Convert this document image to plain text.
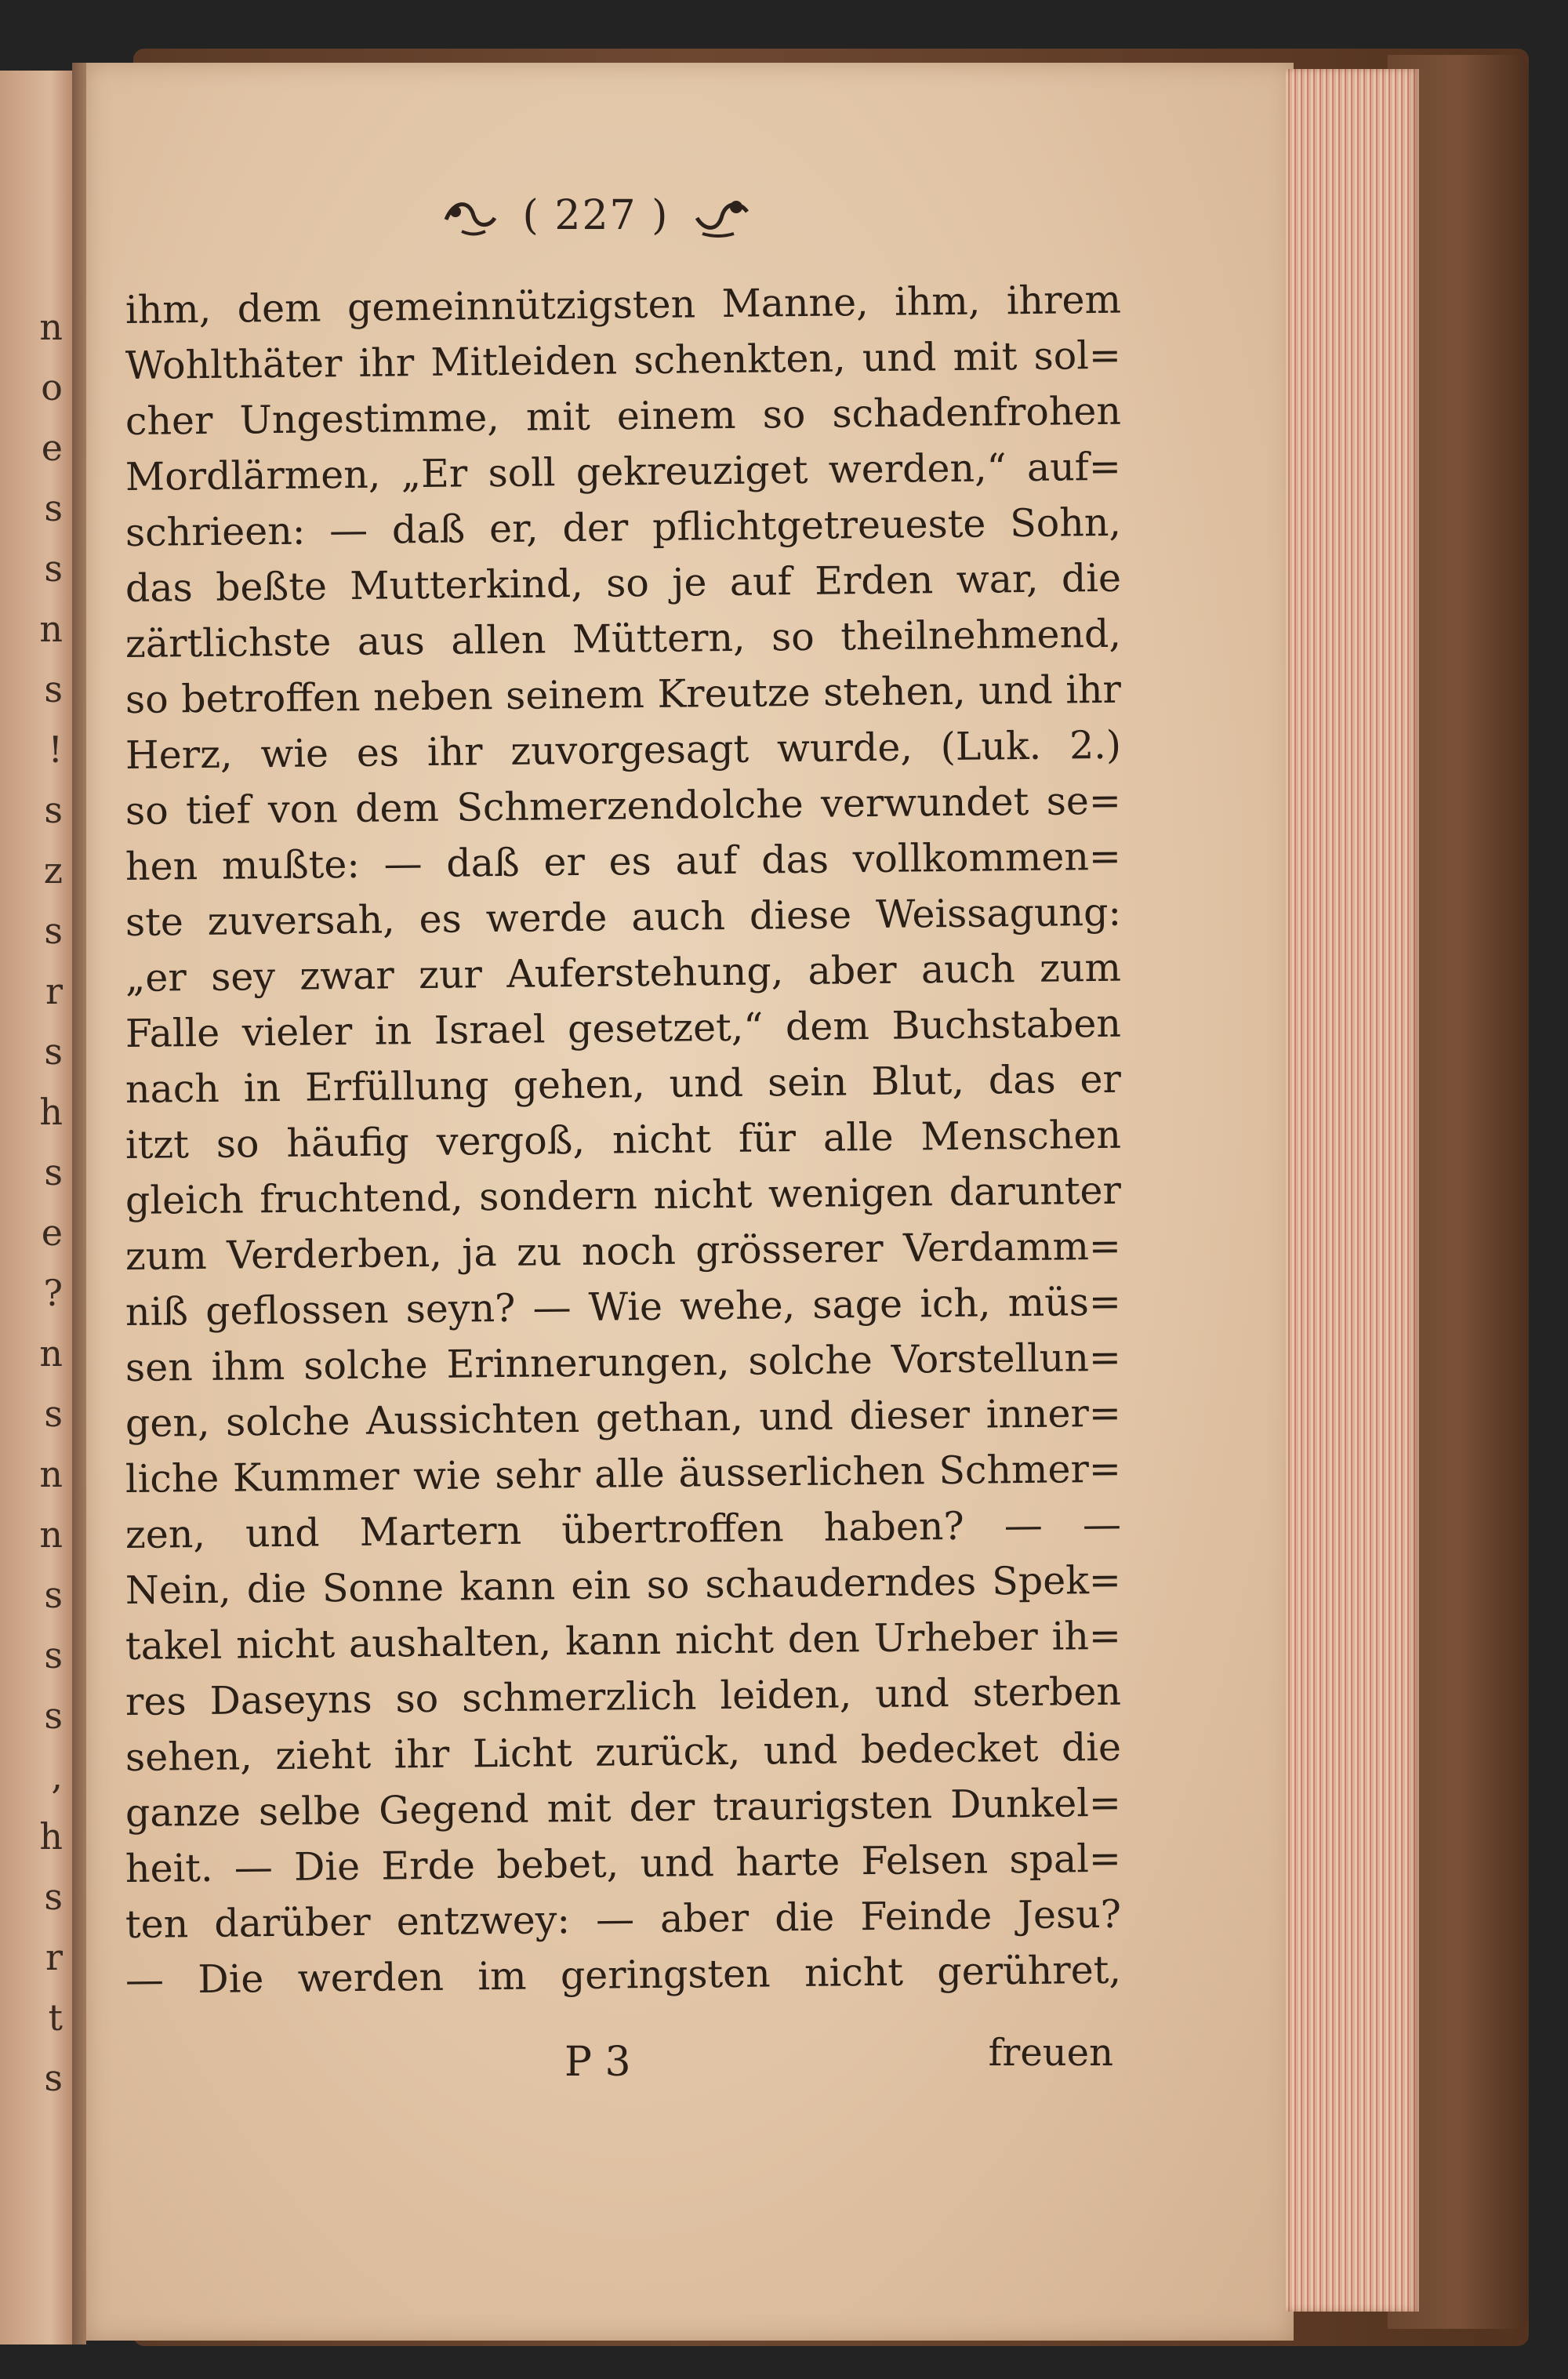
n
o
e
s
s
n
s
!
s
z
s
r
s
h
s
e
?
n
s
n
n
s
s
s
,
h
s
r
t
s
( 227 )
ihm, dem gemeinnützigsten Manne, ihm, ihrem
Wohlthäter ihr Mitleiden schenkten, und mit sol=
cher Ungestimme, mit einem so schadenfrohen
Mordlärmen, „Er soll gekreuziget werden,“ auf=
schrieen: — daß er, der pflichtgetreueste Sohn,
das beßte Mutterkind, so je auf Erden war, die
zärtlichste aus allen Müttern, so theilnehmend,
so betroffen neben seinem Kreutze stehen, und ihr
Herz, wie es ihr zuvorgesagt wurde, (Luk. 2.)
so tief von dem Schmerzendolche verwundet se=
hen mußte: — daß er es auf das vollkommen=
ste zuversah, es werde auch diese Weissagung:
„er sey zwar zur Auferstehung, aber auch zum
Falle vieler in Israel gesetzet,“ dem Buchstaben
nach in Erfüllung gehen, und sein Blut, das er
itzt so häufig vergoß, nicht für alle Menschen
gleich fruchtend, sondern nicht wenigen darunter
zum Verderben, ja zu noch grösserer Verdamm=
niß geflossen seyn? — Wie wehe, sage ich, müs=
sen ihm solche Erinnerungen, solche Vorstellun=
gen, solche Aussichten gethan, und dieser inner=
liche Kummer wie sehr alle äusserlichen Schmer=
zen, und Martern übertroffen haben? — —
Nein, die Sonne kann ein so schauderndes Spek=
takel nicht aushalten, kann nicht den Urheber ih=
res Daseyns so schmerzlich leiden, und sterben
sehen, zieht ihr Licht zurück, und bedecket die
ganze selbe Gegend mit der traurigsten Dunkel=
heit. — Die Erde bebet, und harte Felsen spal=
ten darüber entzwey: — aber die Feinde Jesu?
— Die werden im geringsten nicht gerühret,
P 3	freuen
